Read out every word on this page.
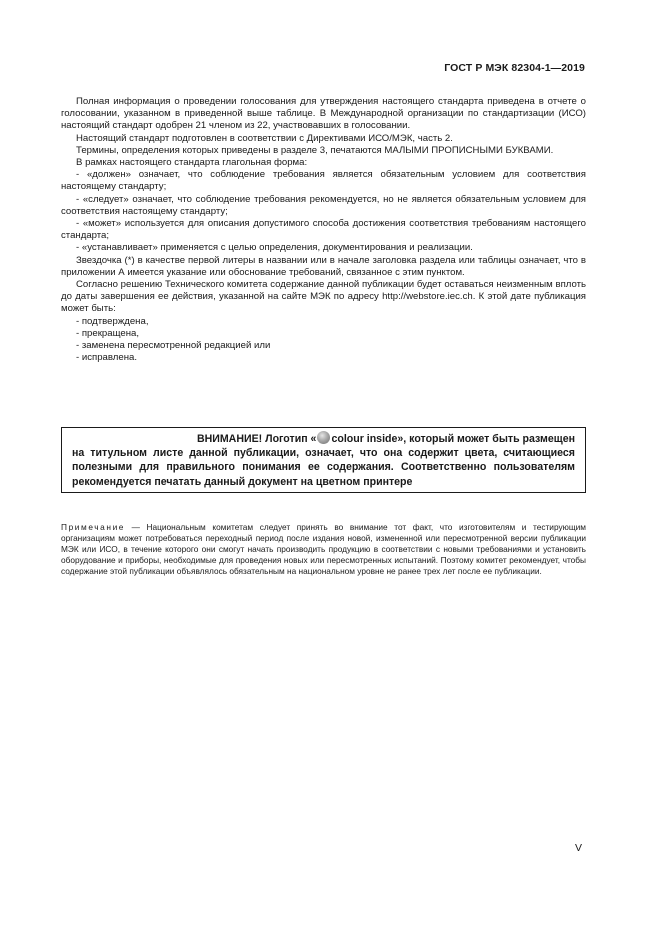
ГОСТ Р МЭК 82304-1—2019

Полная информация о проведении голосования для утверждения настоящего стандарта приведена в отчете о голосовании, указанном в приведенной выше таблице. В Международной организации по стандартизации (ИСО) настоящий стандарт одобрен 21 членом из 22, участвовавших в голосовании.

Настоящий стандарт подготовлен в соответствии с Директивами ИСО/МЭК, часть 2.

Термины, определения которых приведены в разделе 3, печатаются МАЛЫМИ ПРОПИСНЫМИ БУКВАМИ.

В рамках настоящего стандарта глагольная форма:

- «должен» означает, что соблюдение требования является обязательным условием для соответствия настоящему стандарту;

- «следует» означает, что соблюдение требования рекомендуется, но не является обязательным условием для соответствия настоящему стандарту;

- «может» используется для описания допустимого способа достижения соответствия требованиям настоящего стандарта;

- «устанавливает» применяется с целью определения, документирования и реализации.

Звездочка (*) в качестве первой литеры в названии или в начале заголовка раздела или таблицы означает, что в приложении А имеется указание или обоснование требований, связанное с этим пунктом.

Согласно решению Технического комитета содержание данной публикации будет оставаться неизменным вплоть до даты завершения ее действия, указанной на сайте МЭК по адресу http://webstore.iec.ch. К этой дате публикация может быть:

- подтверждена,

- прекращена,

- заменена пересмотренной редакцией или

- исправлена.

ВНИМАНИЕ! Логотип « colour inside», который может быть размещен
на титульном листе данной публикации, означает, что она содержит цвета, считающиеся полезными для правильного понимания ее содержания. Соответственно пользователям рекомендуется печатать данный документ на цветном принтере
Примечание — Национальным комитетам следует принять во внимание тот факт, что изготовителям и тестирующим организациям может потребоваться переходный период после издания новой, измененной или пересмотренной версии публикации МЭК или ИСО, в течение которого они смогут начать производить продукцию в соответствии с новыми требованиями и установить оборудование и приборы, необходимые для проведения новых или пересмотренных испытаний. Поэтому комитет рекомендует, чтобы содержание этой публикации объявлялось обязательным на национальном уровне не ранее трех лет после ее публикации.
V
